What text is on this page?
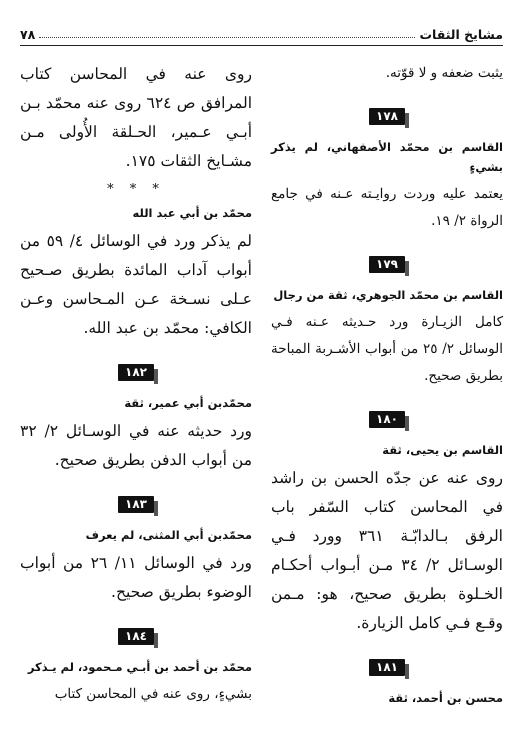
مشايخ الثقات
٧٨
يثبت ضعفه و لا قوّته.
١٧٨
القاسم بن محمّد الأصفهاني، لم يذكر بشيءٍ
يعتمد عليه وردت روايـته عـنه في جامع الرواة ٢/ ١٩.
١٧٩
القاسم بن محمّد الجوهري، ثقة من رجال
كامل الزيـارة ورد حـديثه عـنه فـي الوسائل ٢/ ٢٥ من أبواب الأشـربة المباحة بطريق صحيح.
١٨٠
القاسم بن يحيى، ثقة
روى عنه عن جدّه الحسن بن راشد في المحاسن كتاب السّفر باب الرفق بـالدابّـة ٣٦١ وورد فـي الوسـائل ٢/ ٣٤ مـن أبـواب أحكـام الخـلوة بطريق صحيح، هو: مـمن وقـع فـي كامل الزيارة.
١٨١
محسن بن أحمد، ثقة
روى عنه في المحاسن كتاب المرافق ص ٦٢٤ روى عنه محمّد بـن أبـي عـمير، الحـلقة الأُولى مـن مشـايخ الثقات ١٧٥.
* * *
محمّد بن أبي عبد الله
لم يذكر ورد في الوسائل ٤/ ٥٩ من أبواب آداب المائدة بطريق صـحيح عـلى نسـخة عـن المـحاسن وعـن الكافي: محمّد بن عبد الله.
١٨٢
محمّدبن أبي عمير، ثقة
ورد حديثه عنه في الوسـائل ٢/ ٣٢ من أبواب الدفن بطريق صحيح.
١٨٣
محمّدبن أبي المثنى، لم يعرف
ورد في الوسائل ١١/ ٢٦ من أبواب الوضوء بطريق صحيح.
١٨٤
محمّد بن أحمد بن أبـي مـحمود، لم يـذكر
بشيءٍ، روى عنه في المحاسن كتاب
